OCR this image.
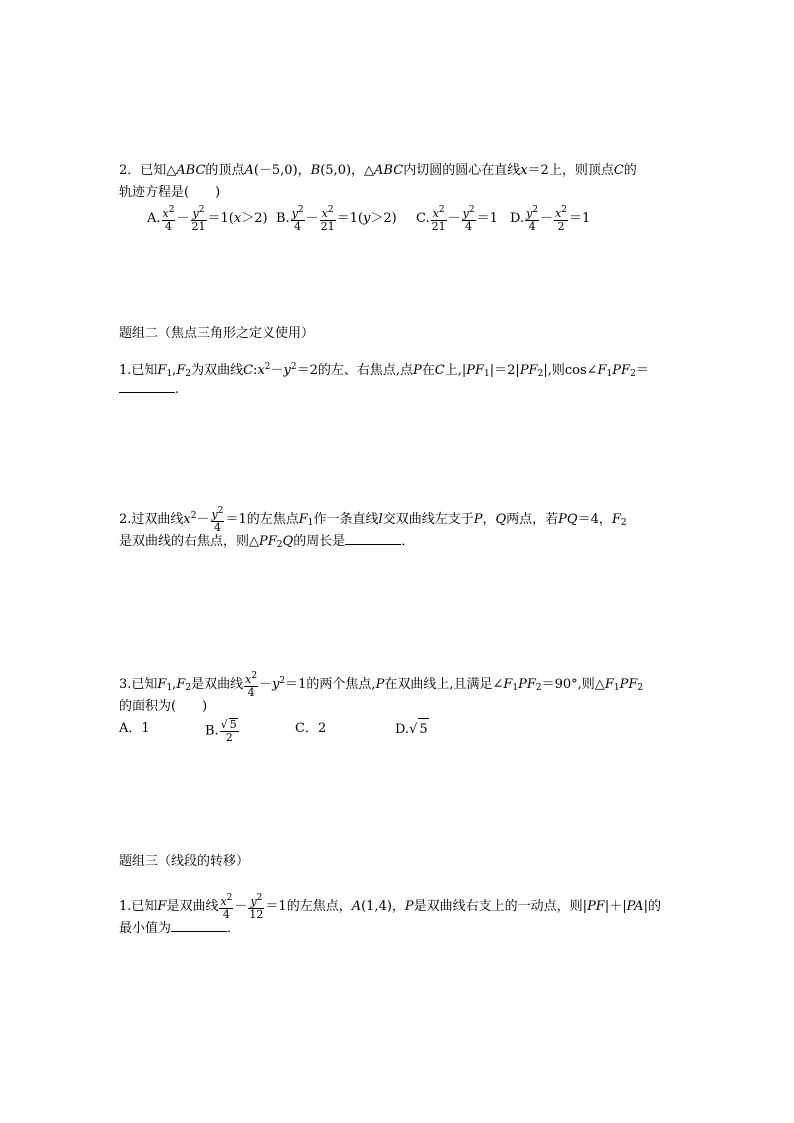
2．已知△ABC的顶点A(－5,0)，B(5,0)，△ABC内切圆的圆心在直线x＝2上，则顶点C的
轨迹方程是(　　)
A. $\frac{x^2}{4} - \frac{y^2}{21} =1(x>2)$ B. $\frac{y^2}{4} - \frac{x^2}{21} =1(y>2)$ C. $\frac{x^2}{21} - \frac{y^2}{4} =1$ D. $\frac{y^2}{4} - \frac{x^2}{2} =1$
题组二（焦点三角形之定义使用）
1.已知$F_1,F_2$为双曲线$C:x^2-y^2=2$的左、右焦点,点P在C上$,|PF_1|=2|PF_2|$,则$\cos\angle F_1PF_2=$
.
2.过双曲线$x^2- \frac{y^2}{4} =1$的左焦点$F_1$作一条直线l交双曲线左支于P，Q两点，若PQ＝4，$F_2$
是双曲线的右焦点，则$\triangle PF_2Q$的周长是	．
3.已知$F_1,F_2$是双曲线 $\frac{x^2}{4} -y^2=1$的两个焦点,P在双曲线上,且满足$\angle F_1PF_2=90^\circ$,则$\triangle F_1PF_2$
的面积为(　　)
A．1	B. $\frac{√ 5}{2}$	C．2	D.√ 5
题组三（线段的转移）
1.已知F是双曲线 $\frac{x^2}{4} - \frac{y^2}{12} =1$的左焦点，A(1,4)，P是双曲线右支上的一动点，则|PF|＋|PA|的
最小值为	．
